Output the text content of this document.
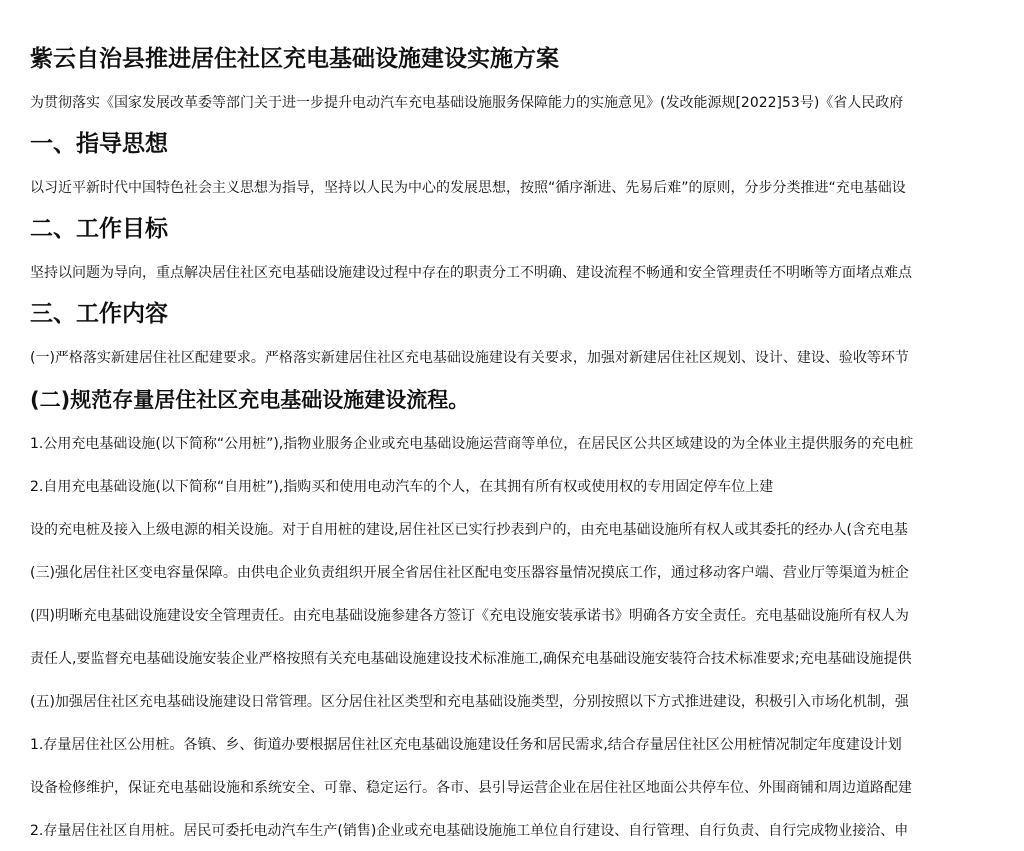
紫云自治县推进居住社区充电基础设施建设实施方案
为贯彻落实《国家发展改革委等部门关于进一步提升电动汽车充电基础设施服务保障能力的实施意见》(发改能源规[2022]53号)《省人民政府
一、指导思想
以习近平新时代中国特色社会主义思想为指导，坚持以人民为中心的发展思想，按照“循序渐进、先易后难”的原则，分步分类推进“充电基础设
二、工作目标
坚持以问题为导向，重点解决居住社区充电基础设施建设过程中存在的职责分工不明确、建设流程不畅通和安全管理责任不明晰等方面堵点难点
三、工作内容
(一)严格落实新建居住社区配建要求。严格落实新建居住社区充电基础设施建设有关要求，加强对新建居住社区规划、设计、建设、验收等环节
(二)规范存量居住社区充电基础设施建设流程。
1.公用充电基础设施(以下简称“公用桩”),指物业服务企业或充电基础设施运营商等单位，在居民区公共区域建设的为全体业主提供服务的充电桩
2.自用充电基础设施(以下简称“自用桩”),指购买和使用电动汽车的个人，在其拥有所有权或使用权的专用固定停车位上建
设的充电桩及接入上级电源的相关设施。对于自用桩的建设,居住社区已实行抄表到户的，由充电基础设施所有权人或其委托的经办人(含充电基
(三)强化居住社区变电容量保障。由供电企业负责组织开展全省居住社区配电变压器容量情况摸底工作，通过移动客户端、营业厅等渠道为桩企
(四)明晰充电基础设施建设安全管理责任。由充电基础设施参建各方签订《充电设施安装承诺书》明确各方安全责任。充电基础设施所有权人为
责任人,要监督充电基础设施安装企业严格按照有关充电基础设施建设技术标准施工,确保充电基础设施安装符合技术标准要求;充电基础设施提供
(五)加强居住社区充电基础设施建设日常管理。区分居住社区类型和充电基础设施类型，分别按照以下方式推进建设，积极引入市场化机制，强
1.存量居住社区公用桩。各镇、乡、街道办要根据居住社区充电基础设施建设任务和居民需求,结合存量居住社区公用桩情况制定年度建设计划
设备检修维护，保证充电基础设施和系统安全、可靠、稳定运行。各市、县引导运营企业在居住社区地面公共停车位、外围商铺和周边道路配建
2.存量居住社区自用桩。居民可委托电动汽车生产(销售)企业或充电基础设施施工单位自行建设、自行管理、自行负责、自行完成物业接洽、申
